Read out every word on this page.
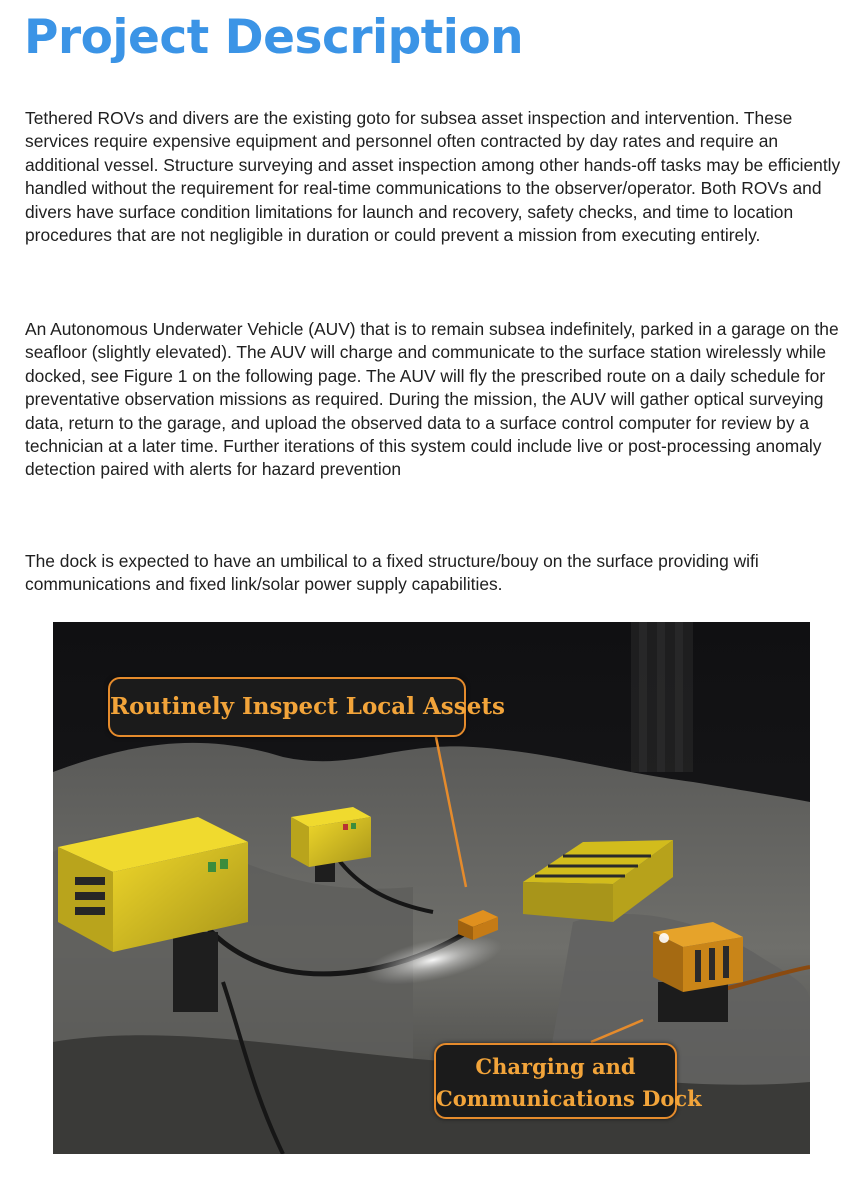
Project Description

Tethered ROVs and divers are the existing goto for subsea asset inspection and intervention. These services require expensive equipment and personnel often contracted by day rates and require an additional vessel. Structure surveying and asset inspection among other hands-off tasks may be efficiently handled without the requirement for real-time communications to the observer/operator. Both ROVs and divers have surface condition limitations for launch and recovery, safety checks, and time to location procedures that are not negligible in duration or could prevent a mission from executing entirely.

An Autonomous Underwater Vehicle (AUV) that is to remain subsea indefinitely, parked in a garage on the seafloor (slightly elevated). The AUV will charge and communicate to the surface station wirelessly while docked, see Figure 1 on the following page. The AUV will fly the prescribed route on a daily schedule for preventative observation missions as required. During the mission, the AUV will gather optical surveying data, return to the garage, and upload the observed data to a surface control computer for review by a technician at a later time. Further iterations of this system could include live or post-processing anomaly detection paired with alerts for hazard prevention

The dock is expected to have an umbilical to a fixed structure/bouy on the surface providing wifi communications and fixed link/solar power supply capabilities.

Routinely Inspect Local Assets
Charging and
Communications Dock
